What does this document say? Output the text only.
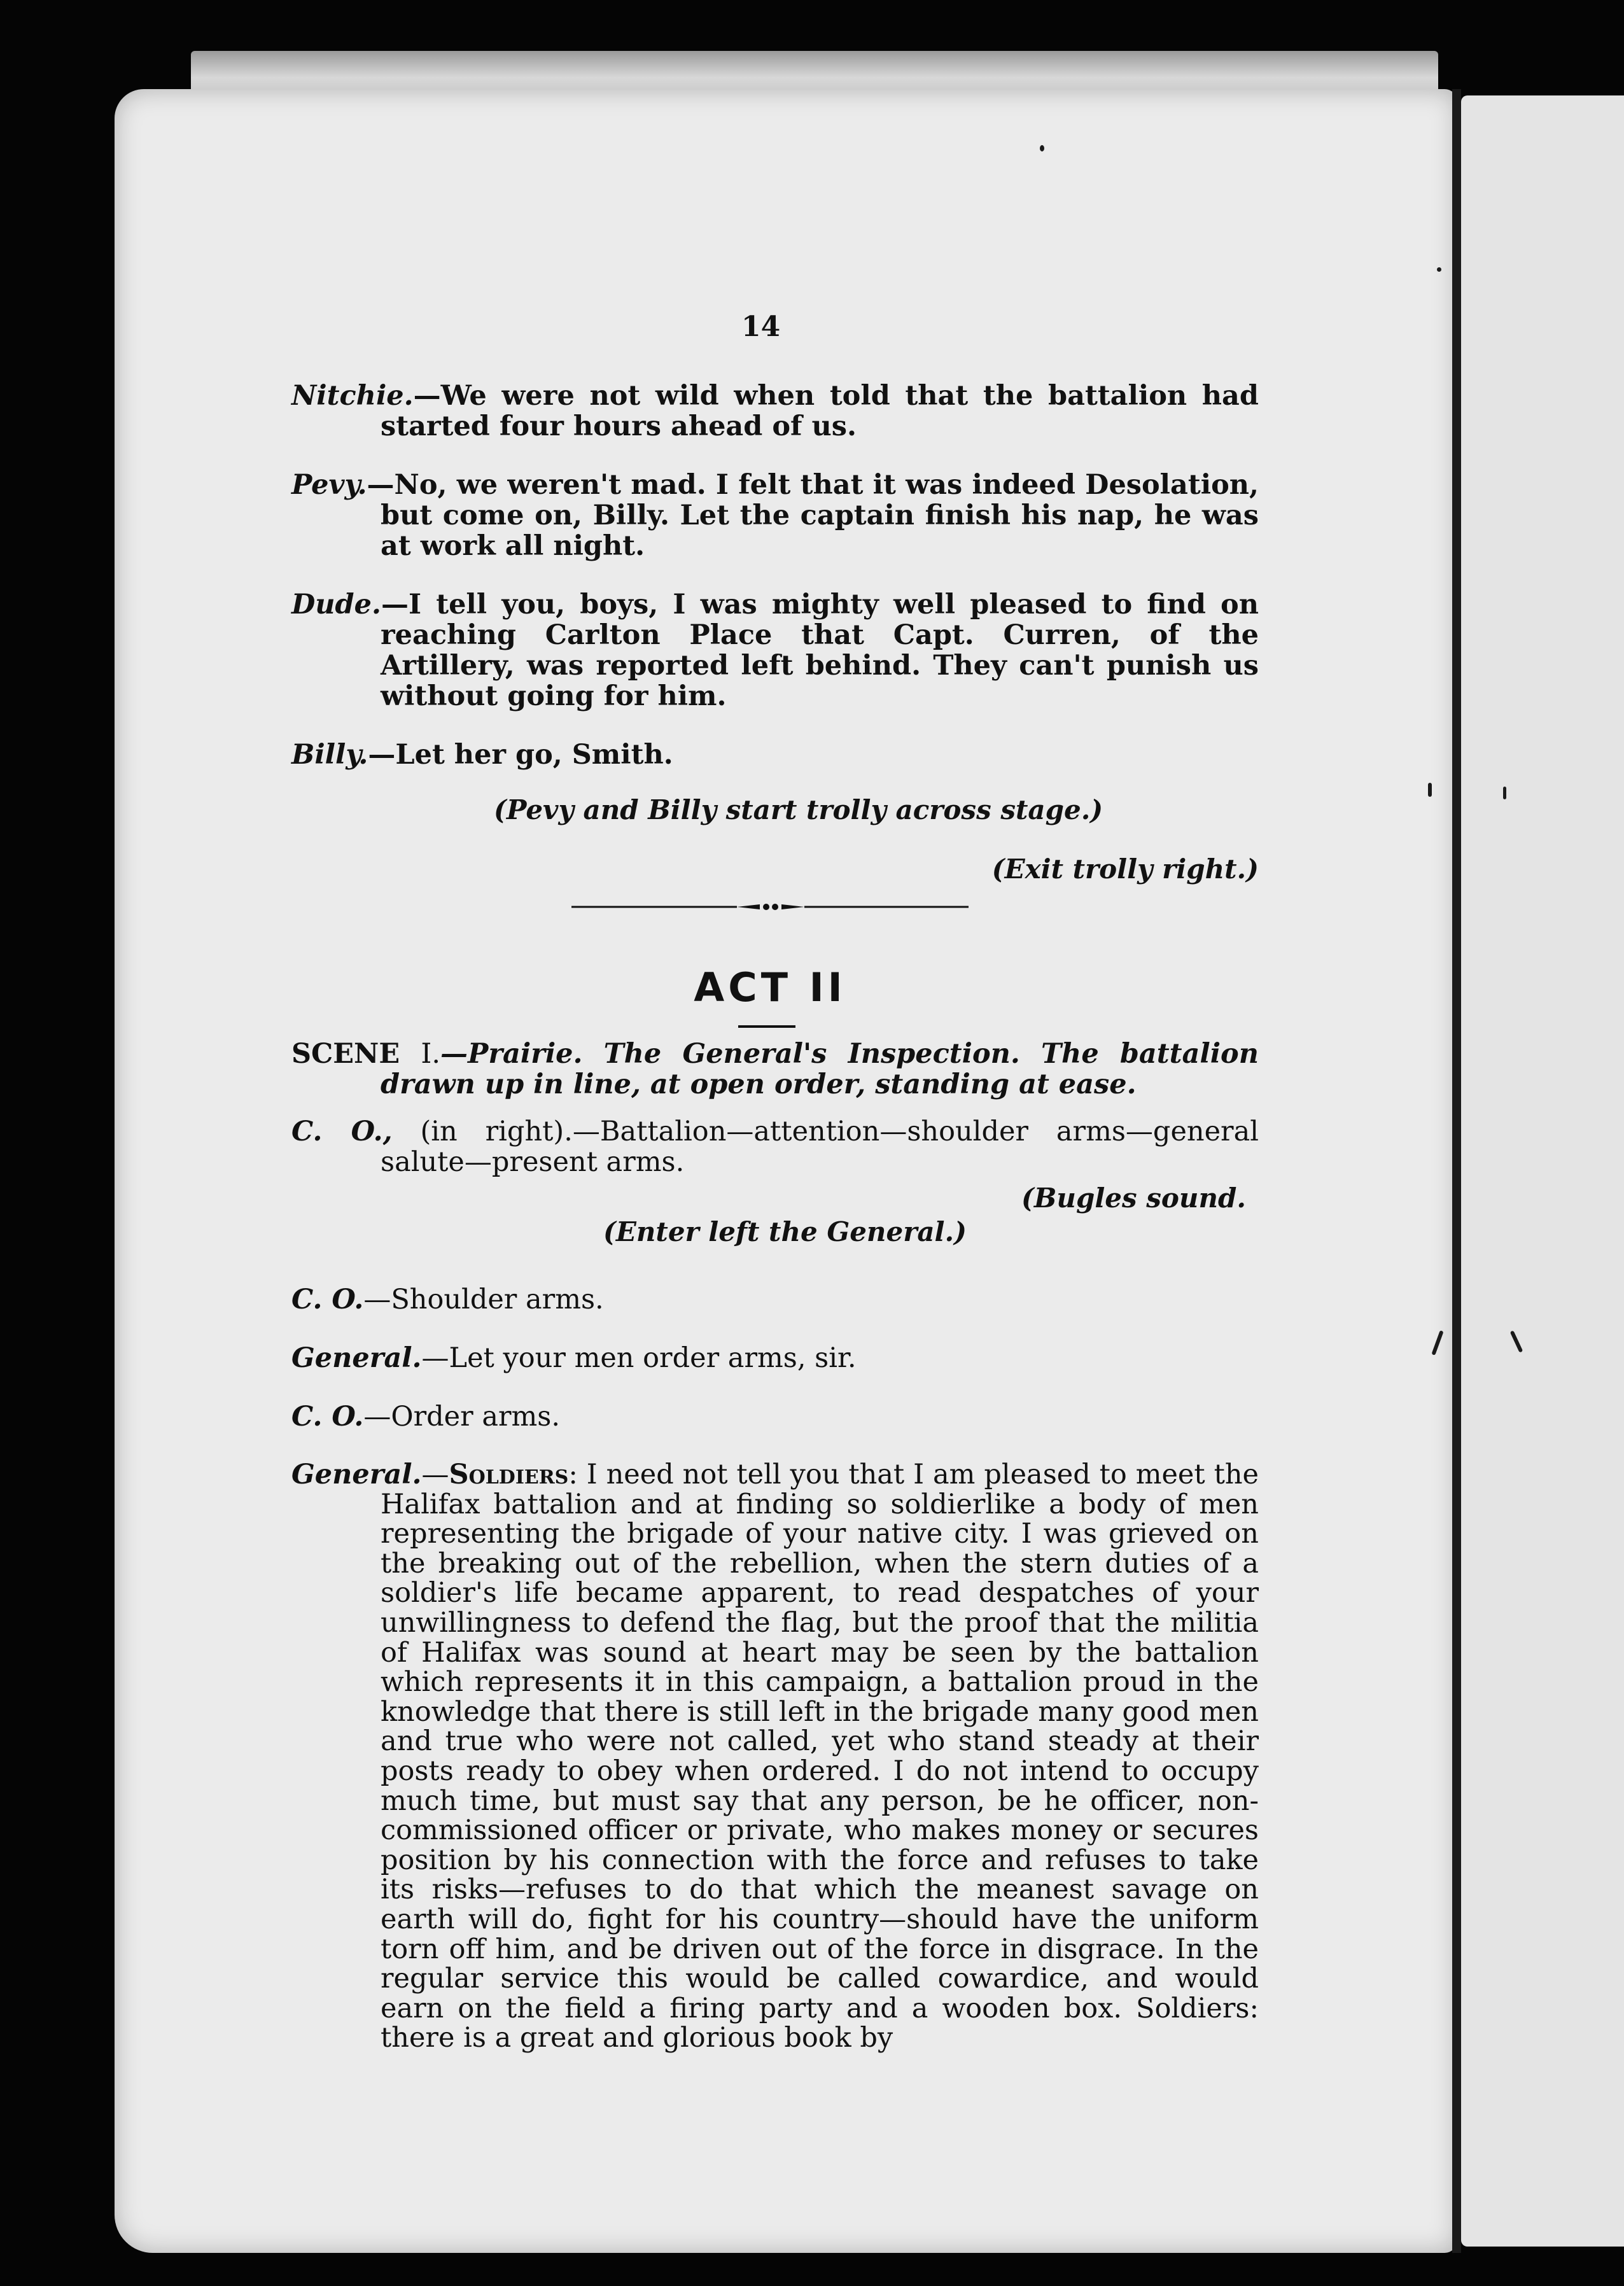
14

Nitchie.—We were not wild when told that the battalion had started four hours ahead of us.

Pevy.—No, we weren't mad. I felt that it was indeed Desolation, but come on, Billy. Let the captain finish his nap, he was at work all night.

Dude.—I tell you, boys, I was mighty well pleased to find on reaching Carlton Place that Capt. Curren, of the Artillery, was reported left behind. They can't punish us without going for him.

Billy.—Let her go, Smith.

(Pevy and Billy start trolly across stage.)

(Exit trolly right.)

ACT II

SCENE I.—Prairie. The General's Inspection. The battalion drawn up in line, at open order, standing at ease.

C. O., (in right).—Battalion—attention—shoulder arms—general salute—present arms.

(Bugles sound.

(Enter left the General.)

C. O.—Shoulder arms.

General.—Let your men order arms, sir.

C. O.—Order arms.

General.—Soldiers: I need not tell you that I am pleased to meet the Halifax battalion and at finding so soldierlike a body of men representing the brigade of your native city. I was grieved on the breaking out of the rebellion, when the stern duties of a soldier's life became apparent, to read despatches of your unwillingness to defend the flag, but the proof that the militia of Halifax was sound at heart may be seen by the battalion which represents it in this campaign, a battalion proud in the knowledge that there is still left in the brigade many good men and true who were not called, yet who stand steady at their posts ready to obey when ordered. I do not intend to occupy much time, but must say that any person, be he officer, non-commissioned officer or private, who makes money or secures position by his connection with the force and refuses to take its risks—refuses to do that which the meanest savage on earth will do, fight for his country—should have the uniform torn off him, and be driven out of the force in disgrace. In the regular service this would be called cowardice, and would earn on the field a firing party and a wooden box. Soldiers: there is a great and glorious book by
